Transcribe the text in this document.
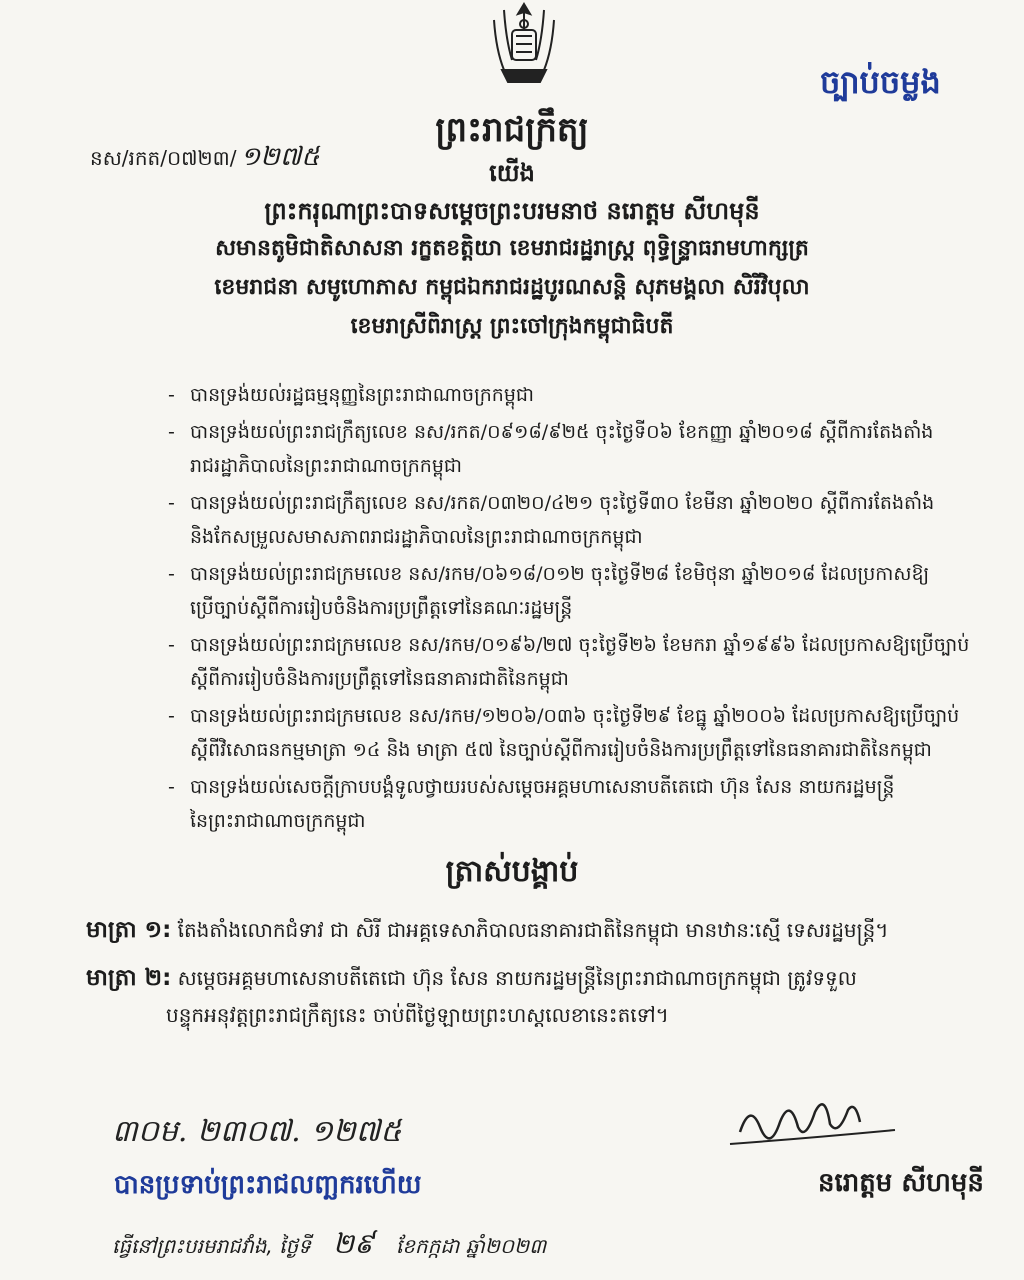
ច្បាប់ចម្លង
នស/រកត/០៧២៣/ ១២៧៥
ព្រះរាជក្រឹត្យ
យើង
ព្រះករុណាព្រះបាទសម្តេចព្រះបរមនាថ នរោត្តម សីហមុនី
សមានតូមិជាតិសាសនា រក្ខតខត្តិយា ខេមរាជរដ្ឋរាស្ត្រ ពុទ្ធិន្ទ្រាធរាមហាក្សត្រ
ខេមរាជនា សមូហោភាស កម្ពុជឯករាជរដ្ឋបូរណសន្តិ សុភមង្គលា សិរីវិបុលា
ខេមរាស្រីពិរាស្ត្រ ព្រះចៅក្រុងកម្ពុជាធិបតី
- បានទ្រង់យល់រដ្ឋធម្មនុញ្ញនៃព្រះរាជាណាចក្រកម្ពុជា
- បានទ្រង់យល់ព្រះរាជក្រឹត្យលេខ នស/រកត/០៩១៨/៩២៥ ចុះថ្ងៃទី០៦ ខែកញ្ញា ឆ្នាំ២០១៨ ស្តីពីការតែងតាំង
រាជរដ្ឋាភិបាលនៃព្រះរាជាណាចក្រកម្ពុជា
- បានទ្រង់យល់ព្រះរាជក្រឹត្យលេខ នស/រកត/០៣២០/៤២១ ចុះថ្ងៃទី៣០ ខែមីនា ឆ្នាំ២០២០ ស្តីពីការតែងតាំង
និងកែសម្រួលសមាសភាពរាជរដ្ឋាភិបាលនៃព្រះរាជាណាចក្រកម្ពុជា
- បានទ្រង់យល់ព្រះរាជក្រមលេខ នស/រកម/០៦១៨/០១២ ចុះថ្ងៃទី២៨ ខែមិថុនា ឆ្នាំ២០១៨ ដែលប្រកាសឱ្យ
ប្រើច្បាប់ស្តីពីការរៀបចំនិងការប្រព្រឹត្តទៅនៃគណៈរដ្ឋមន្ត្រី
- បានទ្រង់យល់ព្រះរាជក្រមលេខ នស/រកម/០១៩៦/២៧ ចុះថ្ងៃទី២៦ ខែមករា ឆ្នាំ១៩៩៦ ដែលប្រកាសឱ្យប្រើច្បាប់
ស្តីពីការរៀបចំនិងការប្រព្រឹត្តទៅនៃធនាគារជាតិនៃកម្ពុជា
- បានទ្រង់យល់ព្រះរាជក្រមលេខ នស/រកម/១២០៦/០៣៦ ចុះថ្ងៃទី២៩ ខែធ្នូ ឆ្នាំ២០០៦ ដែលប្រកាសឱ្យប្រើច្បាប់
ស្តីពីវិសោធនកម្មមាត្រា ១៤ និង មាត្រា ៥៧ នៃច្បាប់ស្តីពីការរៀបចំនិងការប្រព្រឹត្តទៅនៃធនាគារជាតិនៃកម្ពុជា
- បានទ្រង់យល់សេចក្តីក្រាបបង្គំទូលថ្វាយរបស់សម្តេចអគ្គមហាសេនាបតីតេជោ ហ៊ុន សែន នាយករដ្ឋមន្ត្រី
នៃព្រះរាជាណាចក្រកម្ពុជា
ត្រាស់បង្គាប់
មាត្រា ១: តែងតាំងលោកជំទាវ ជា សិរី ជាអគ្គទេសាភិបាលធនាគារជាតិនៃកម្ពុជា មានឋានៈស្មើ ទេសរដ្ឋមន្ត្រី។
មាត្រា ២: សម្តេចអគ្គមហាសេនាបតីតេជោ ហ៊ុន សែន នាយករដ្ឋមន្ត្រីនៃព្រះរាជាណាចក្រកម្ពុជា ត្រូវទទួល
បន្ទុកអនុវត្តព្រះរាជក្រឹត្យនេះ ចាប់ពីថ្ងៃឡាយព្រះហស្តលេខានេះតទៅ។
៣០ម. ២៣០៧. ១២៧៥
បានប្រទាប់ព្រះរាជលញ្ឆករហើយ
ធ្វើនៅព្រះបរមរាជវាំង, ថ្ងៃទី ២៩ ខែកក្កដា ឆ្នាំ២០២៣
នរោត្តម សីហមុនី
